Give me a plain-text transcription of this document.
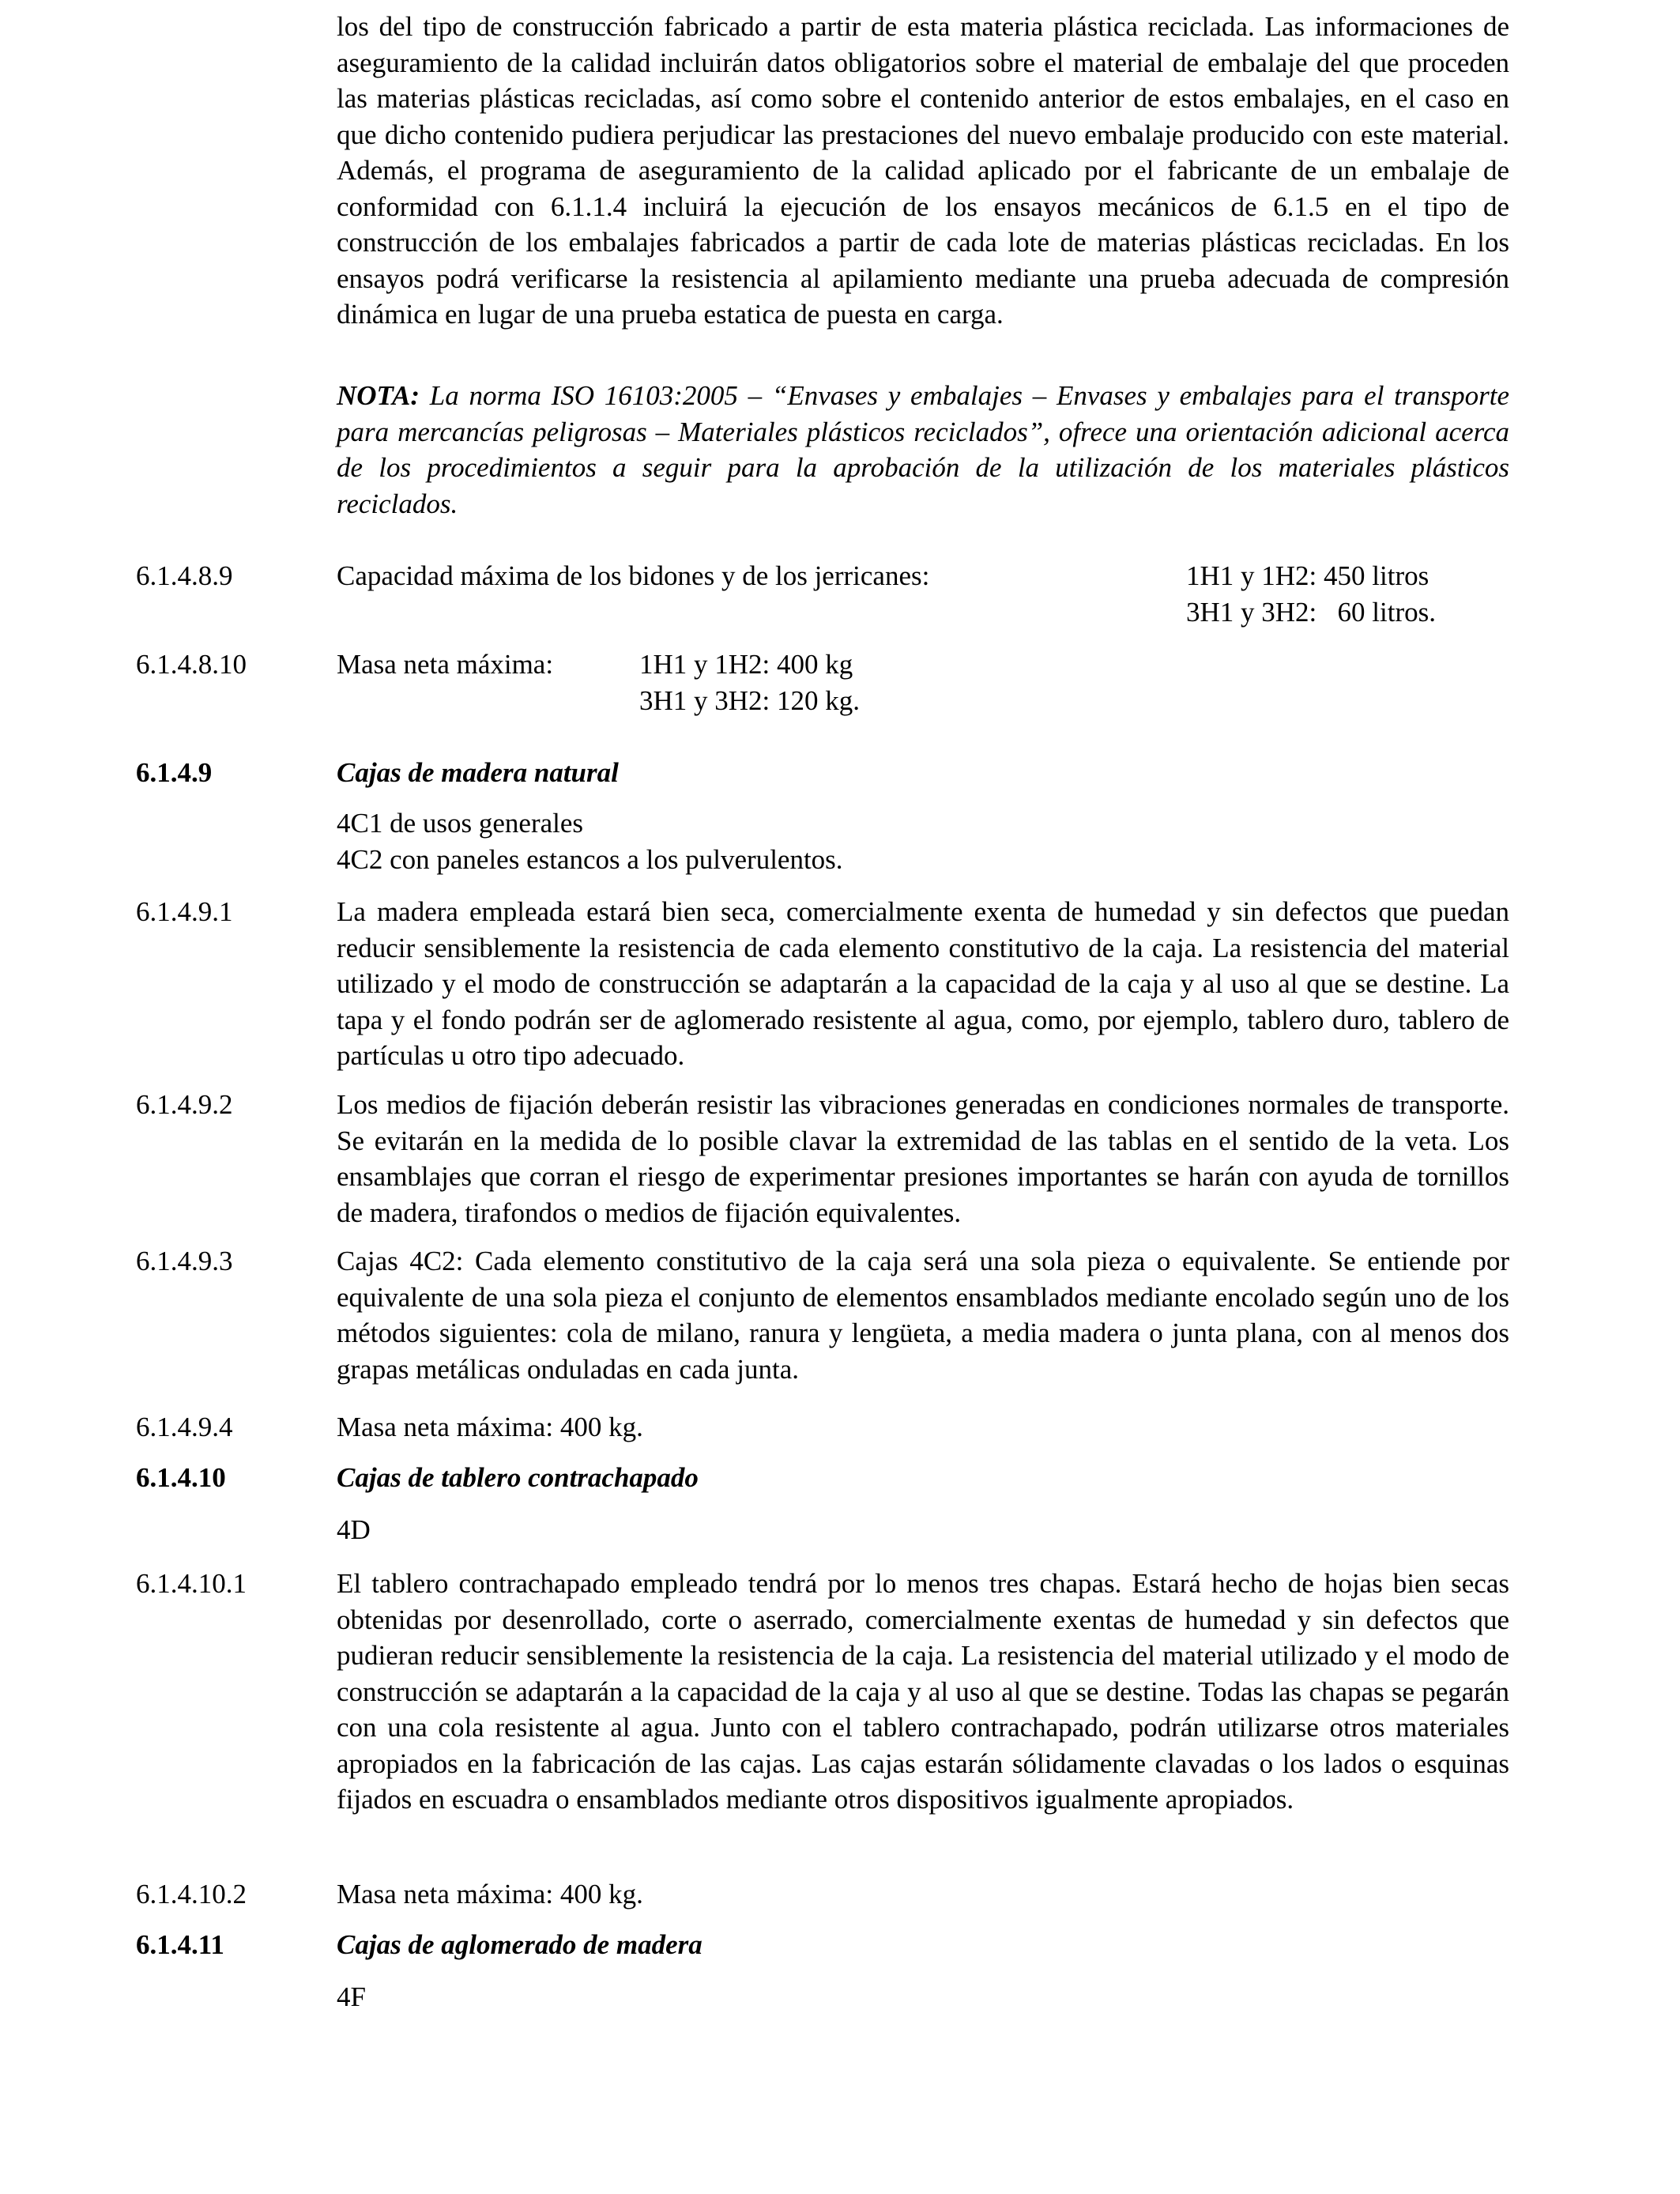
los del tipo de construcción fabricado a partir de esta materia plástica reciclada. Las informaciones de aseguramiento de la calidad incluirán datos obligatorios sobre el material de embalaje del que proceden las materias plásticas recicladas, así como sobre el contenido anterior de estos embalajes, en el caso en que dicho contenido pudiera perjudicar las prestaciones del nuevo embalaje producido con este material. Además, el programa de aseguramiento de la calidad aplicado por el fabricante de un embalaje de conformidad con 6.1.1.4 incluirá la ejecución de los ensayos mecánicos de 6.1.5 en el tipo de construcción de los embalajes fabricados a partir de cada lote de materias plásticas recicladas. En los ensayos podrá verificarse la resistencia al apilamiento mediante una prueba adecuada de compresión dinámica en lugar de una prueba estatica de puesta en carga.
NOTA: La norma ISO 16103:2005 – “Envases y embalajes – Envases y embalajes para el transporte para mercancías peligrosas – Materiales plásticos reciclados”, ofrece una orientación adicional acerca de los procedimientos a seguir para la aprobación de la utilización de los materiales plásticos reciclados.
6.1.4.8.9	Capacidad máxima de los bidones y de los jerricanes:	1H1 y 1H2: 450 litros
3H1 y 3H2:   60 litros.
6.1.4.8.10	Masa neta máxima:	1H1 y 1H2: 400 kg
3H1 y 3H2: 120 kg.
6.1.4.9	Cajas de madera natural
4C1 de usos generales
4C2 con paneles estancos a los pulverulentos.
6.1.4.9.1	La madera empleada estará bien seca, comercialmente exenta de humedad y sin defectos que puedan reducir sensiblemente la resistencia de cada elemento constitutivo de la caja. La resistencia del material utilizado y el modo de construcción se adaptarán a la capacidad de la caja y al uso al que se destine. La tapa y el fondo podrán ser de aglomerado resistente al agua, como, por ejemplo, tablero duro, tablero de partículas u otro tipo adecuado.
6.1.4.9.2	Los medios de fijación deberán resistir las vibraciones generadas en condiciones normales de transporte. Se evitarán en la medida de lo posible clavar la extremidad de las tablas en el sentido de la veta. Los ensamblajes que corran el riesgo de experimentar presiones importantes se harán con ayuda de tornillos de madera, tirafondos o medios de fijación equivalentes.
6.1.4.9.3	Cajas 4C2: Cada elemento constitutivo de la caja será una sola pieza o equivalente. Se entiende por equivalente de una sola pieza el conjunto de elementos ensamblados mediante encolado según uno de los métodos siguientes: cola de milano, ranura y lengüeta, a media madera o junta plana, con al menos dos grapas metálicas onduladas en cada junta.
6.1.4.9.4	Masa neta máxima: 400 kg.
6.1.4.10	Cajas de tablero contrachapado
4D
6.1.4.10.1	El tablero contrachapado empleado tendrá por lo menos tres chapas. Estará hecho de hojas bien secas obtenidas por desenrollado, corte o aserrado, comercialmente exentas de humedad y sin defectos que pudieran reducir sensiblemente la resistencia de la caja. La resistencia del material utilizado y el modo de construcción se adaptarán a la capacidad de la caja y al uso al que se destine. Todas las chapas se pegarán con una cola resistente al agua. Junto con el tablero contrachapado, podrán utilizarse otros materiales apropiados en la fabricación de las cajas. Las cajas estarán sólidamente clavadas o los lados o esquinas fijados en escuadra o ensamblados mediante otros dispositivos igualmente apropiados.
6.1.4.10.2	Masa neta máxima: 400 kg.
6.1.4.11	Cajas de aglomerado de madera
4F
